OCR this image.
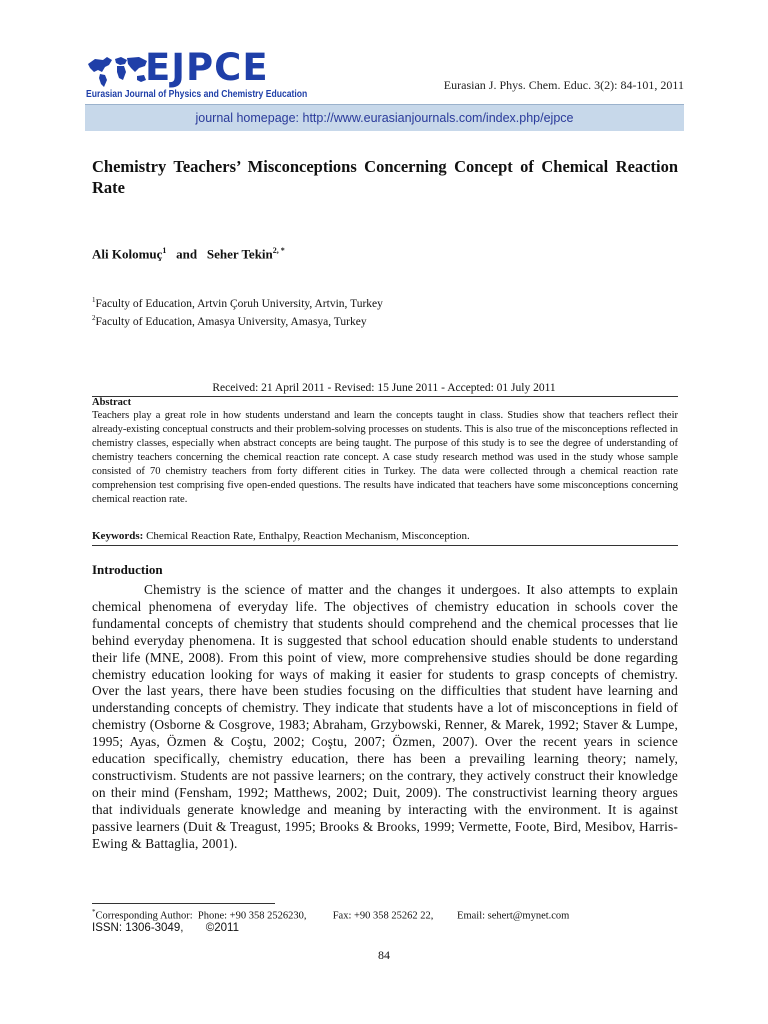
EJPCE
Eurasian Journal of Physics and Chemistry Education
Eurasian J. Phys. Chem. Educ. 3(2): 84-101, 2011
journal homepage: http://www.eurasianjournals.com/index.php/ejpce
Chemistry Teachers’ Misconceptions Concerning Concept of Chemical Reaction Rate
Ali Kolomuç$^1$ and Seher Tekin$^{2, *}$
$^1$Faculty of Education, Artvin Çoruh University, Artvin, Turkey
$^2$Faculty of Education, Amasya University, Amasya, Turkey
Received: 21 April 2011 - Revised: 15 June 2011 - Accepted: 01 July 2011
Abstract

Teachers play a great role in how students understand and learn the concepts taught in class. Studies show that teachers reflect their already-existing conceptual constructs and their problem-solving processes on students. This is also true of the misconceptions reflected in chemistry classes, especially when abstract concepts are being taught. The purpose of this study is to see the degree of understanding of chemistry teachers concerning the chemical reaction rate concept. A case study research method was used in the study whose sample consisted of 70 chemistry teachers from forty different cities in Turkey. The data were collected through a chemical reaction rate comprehension test comprising five open-ended questions. The results have indicated that teachers have some misconceptions concerning chemical reaction rate.

Keywords: Chemical Reaction Rate, Enthalpy, Reaction Mechanism, Misconception.
Introduction

Chemistry is the science of matter and the changes it undergoes. It also attempts to explain chemical phenomena of everyday life. The objectives of chemistry education in schools cover the fundamental concepts of chemistry that students should comprehend and the chemical processes that lie behind everyday phenomena. It is suggested that school education should enable students to understand their life (MNE, 2008). From this point of view, more comprehensive studies should be done regarding chemistry education looking for ways of making it easier for students to grasp concepts of chemistry. Over the last years, there have been studies focusing on the difficulties that student have learning and understanding concepts of chemistry. They indicate that students have a lot of misconceptions in field of chemistry (Osborne & Cosgrove, 1983; Abraham, Grzybowski, Renner, & Marek, 1992; Staver & Lumpe, 1995; Ayas, Özmen & Coştu, 2002; Coştu, 2007; Özmen, 2007). Over the recent years in science education specifically, chemistry education, there has been a prevailing learning theory; namely, constructivism. Students are not passive learners; on the contrary, they actively construct their knowledge on their mind (Fensham, 1992; Matthews, 2002; Duit, 2009). The constructivist learning theory argues that individuals generate knowledge and meaning by interacting with the environment. It is against passive learners (Duit & Treagust, 1995; Brooks & Brooks, 1999; Vermette, Foote, Bird, Mesibov, Harris-Ewing & Battaglia, 2001).

*Corresponding Author:  Phone: +90 358 2526230,          Fax: +90 358 25262 22,         Email: sehert@mynet.com
ISSN: 1306-3049,       ©2011
84
